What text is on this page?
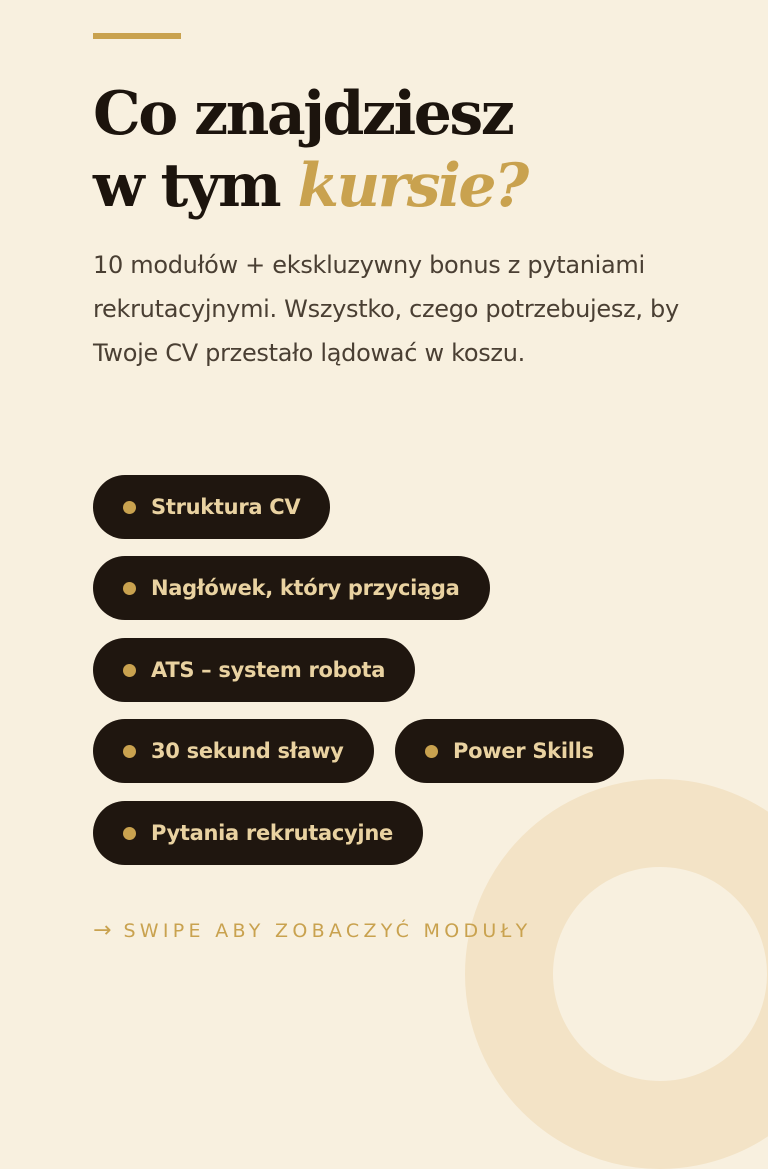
Co znajdziesz
w tym kursie?

10 modułów + ekskluzywny bonus z pytaniami rekrutacyjnymi. Wszystko, czego potrzebujesz, by Twoje CV przestało lądować w koszu.

Struktura CV
Nagłówek, który przyciąga
ATS – system robota
30 sekund sławy	Power Skills
Pytania rekrutacyjne
→ SWIPE ABY ZOBACZYĆ MODUŁY
